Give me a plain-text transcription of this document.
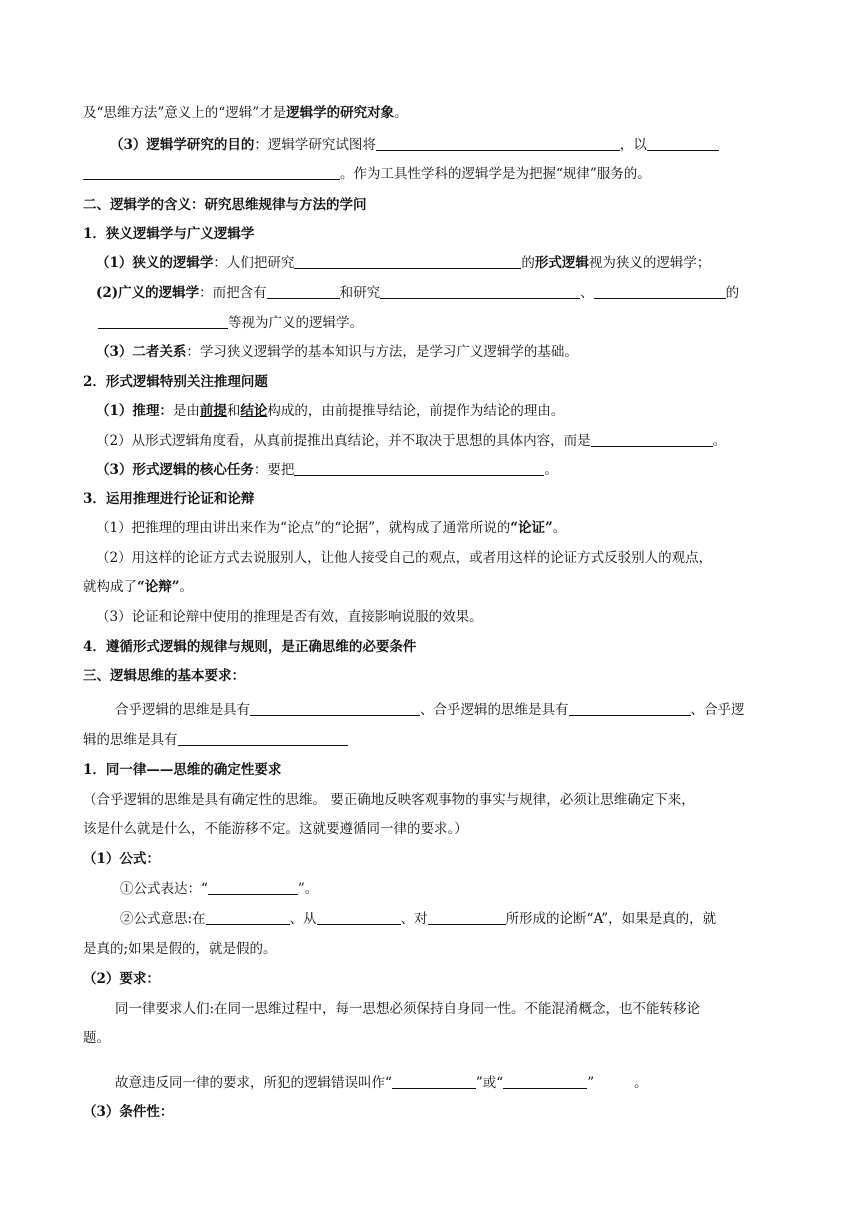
及“思维方法”意义上的“逻辑”才是逻辑学的研究对象。
（3）逻辑学研究的目的：逻辑学研究试图将	，以
。作为工具性学科的逻辑学是为把握“规律”服务的。
二、逻辑学的含义：研究思维规律与方法的学问
1．狭义逻辑学与广义逻辑学
（1）狭义的逻辑学：人们把研究	的形式逻辑视为狭义的逻辑学；
(2)广义的逻辑学：而把含有	和研究	、	的
等视为广义的逻辑学。
（3）二者关系：学习狭义逻辑学的基本知识与方法，是学习广义逻辑学的基础。
2．形式逻辑特别关注推理问题
（1）推理：是由前提和结论构成的，由前提推导结论，前提作为结论的理由。
（2）从形式逻辑角度看，从真前提推出真结论，并不取决于思想的具体内容，而是	。
（3）形式逻辑的核心任务：要把	。
3．运用推理进行论证和论辩
（1）把推理的理由讲出来作为“论点”的“论据”，就构成了通常所说的“论证”。
（2）用这样的论证方式去说服别人，让他人接受自己的观点，或者用这样的论证方式反驳别人的观点，
就构成了“论辩”。
（3）论证和论辩中使用的推理是否有效，直接影响说服的效果。
4．遵循形式逻辑的规律与规则，是正确思维的必要条件
三、逻辑思维的基本要求：
合乎逻辑的思维是具有	、合乎逻辑的思维是具有	、合乎逻
辑的思维是具有
1．同一律——思维的确定性要求
（合乎逻辑的思维是具有确定性的思维。 要正确地反映客观事物的事实与规律，必须让思维确定下来，
该是什么就是什么，不能游移不定。这就要遵循同一律的要求。）
（1）公式：
①公式表达：“	”。
②公式意思:在	、从	、对	所形成的论断“A”，如果是真的，就
是真的;如果是假的，就是假的。
（2）要求：
同一律要求人们:在同一思维过程中，每一思想必须保持自身同一性。不能混淆概念，也不能转移论
题。
故意违反同一律的要求，所犯的逻辑错误叫作“	”或“	”	。
（3）条件性：
